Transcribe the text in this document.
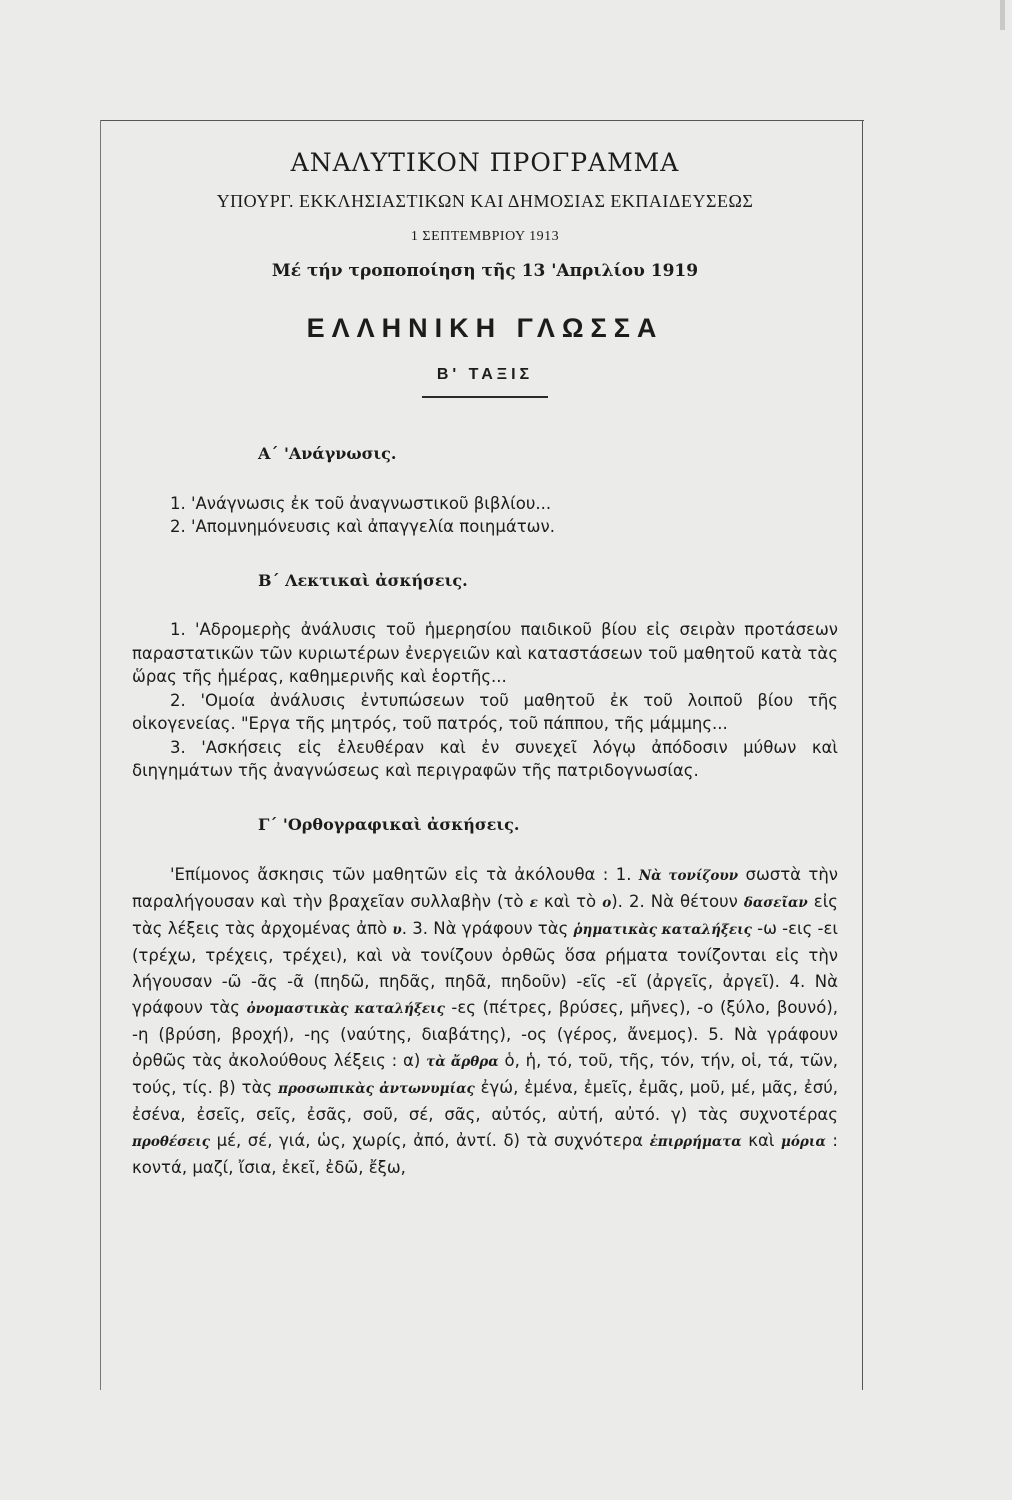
ΑΝΑΛΥΤΙΚΟΝ ΠΡΟΓΡΑΜΜΑ
ΥΠΟΥΡΓ. ΕΚΚΛΗΣΙΑΣΤΙΚΩΝ ΚΑΙ ΔΗΜΟΣΙΑΣ ΕΚΠΑΙΔΕΥΣΕΩΣ
1 ΣΕΠΤΕΜΒΡΙΟΥ 1913
Μέ τήν τροποποίηση τῆς 13 'Απριλίου 1919
ΕΛΛΗΝΙΚΗ ΓΛΩΣΣΑ
Β' ΤΑΞΙΣ
Α΄ 'Ανάγνωσις.
1. 'Ανάγνωσις ἐκ τοῦ ἀναγνωστικοῦ βιβλίου...
2. 'Απομνημόνευσις καὶ ἀπαγγελία ποιημάτων.
Β΄ Λεκτικαὶ ἀσκήσεις.

1. 'Αδρομερὴς ἀνάλυσις τοῦ ἡμερησίου παιδικοῦ βίου εἰς σειρὰν προτάσεων παραστατικῶν τῶν κυριωτέρων ἐνεργειῶν καὶ καταστάσεων τοῦ μαθητοῦ κατὰ τὰς ὥρας τῆς ἡμέρας, καθημερινῆς καὶ ἑορτῆς...

2. 'Ομοία ἀνάλυσις ἐντυπώσεων τοῦ μαθητοῦ ἐκ τοῦ λοιποῦ βίου τῆς οἰκογενείας. "Εργα τῆς μητρός, τοῦ πατρός, τοῦ πάππου, τῆς μάμμης...

3. 'Ασκήσεις εἰς ἐλευθέραν καὶ ἐν συνεχεῖ λόγῳ ἀπόδοσιν μύθων καὶ διηγημάτων τῆς ἀναγνώσεως καὶ περιγραφῶν τῆς πατριδογνωσίας.

Γ΄ 'Ορθογραφικαὶ ἀσκήσεις.

'Επίμονος ἄσκησις τῶν μαθητῶν εἰς τὰ ἀκόλουθα : 1. Νὰ τονίζουν σωστὰ τὴν παραλήγουσαν καὶ τὴν βραχεῖαν συλλαβὴν (τὸ ε καὶ τὸ ο). 2. Νὰ θέτουν δασεῖαν εἰς τὰς λέξεις τὰς ἀρχομένας ἀπὸ υ. 3. Νὰ γράφουν τὰς ῥηματικὰς καταλήξεις -ω -εις -ει (τρέχω, τρέχεις, τρέχει), καὶ νὰ τονίζουν ὀρθῶς ὅσα ρήματα τονίζονται εἰς τὴν λήγουσαν -ῶ -ᾶς -ᾶ (πηδῶ, πηδᾶς, πηδᾶ, πηδοῦν) -εῖς -εῖ (ἀργεῖς, ἀργεῖ). 4. Νὰ γράφουν τὰς ὀνομαστικὰς καταλήξεις -ες (πέτρες, βρύσες, μῆνες), -ο (ξύλο, βουνό), -η (βρύση, βροχή), -ης (ναύτης, διαβάτης), -ος (γέρος, ἄνεμος). 5. Νὰ γράφουν ὀρθῶς τὰς ἀκολούθους λέξεις : α) τὰ ἄρθρα ὁ, ἡ, τό, τοῦ, τῆς, τόν, τήν, οἱ, τά, τῶν, τούς, τίς. β) τὰς προσωπικὰς ἀντωνυμίας ἐγώ, ἐμένα, ἐμεῖς, ἐμᾶς, μοῦ, μέ, μᾶς, ἐσύ, ἐσένα, ἐσεῖς, σεῖς, ἐσᾶς, σοῦ, σέ, σᾶς, αὐτός, αὐτή, αὐτό. γ) τὰς συχνοτέρας προθέσεις μέ, σέ, γιά, ὡς, χωρίς, ἀπό, ἀντί. δ) τὰ συχνότερα ἐπιρρήματα καὶ μόρια : κοντά, μαζί, ἴσια, ἐκεῖ, ἐδῶ, ἔξω,
